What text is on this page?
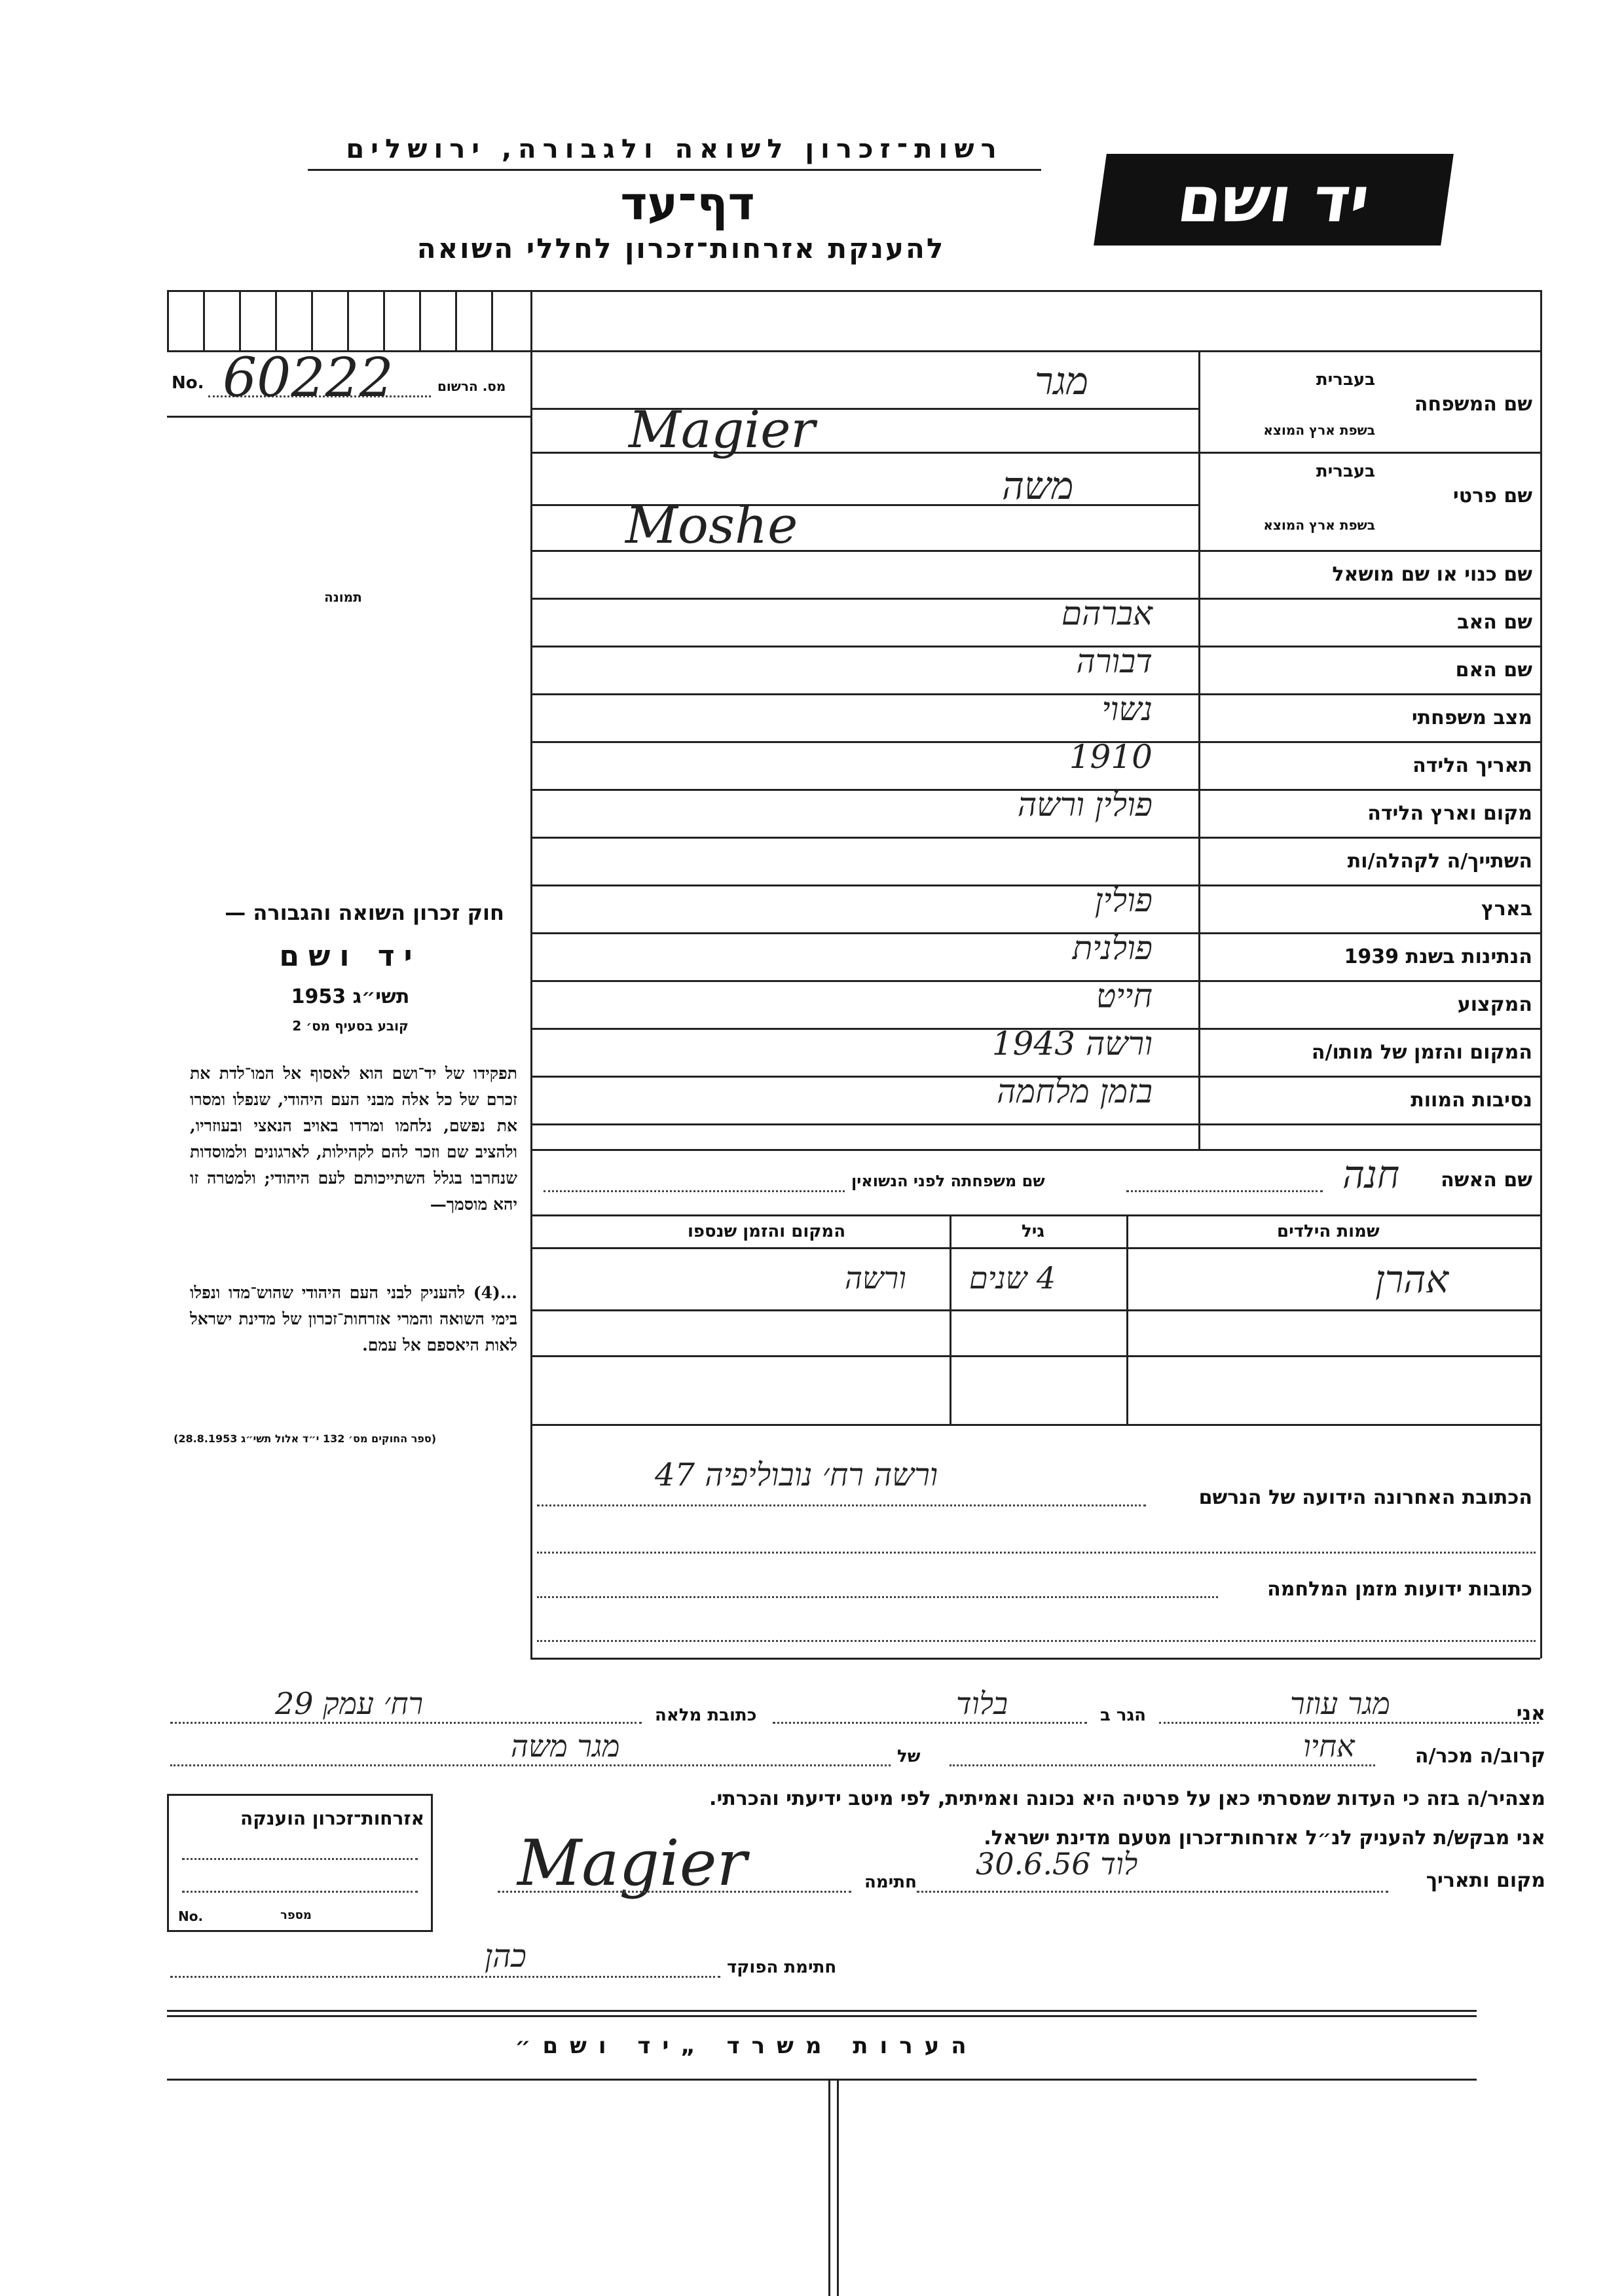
רשות־זכרון לשואה ולגבורה, ירושלים
דף־עד
להענקת אזרחות־זכרון לחללי השואה
יד ושם
No. 60222	מס. הרשום
תמונה
שם המשפחה
בעברית
בשפת ארץ המוצא
מגר
Magier
שם פרטי
בעברית
בשפת ארץ המוצא
משה
Moshe
שם כנוי או שם מושאל
שם האב
אברהם
שם האם
דבורה
מצב משפחתי
נשוי
תאריך הלידה
1910
מקום וארץ הלידה
פולין ורשה
השתייך/ה לקהלה/ות
בארץ
פולין
הנתינות בשנת 1939
פולנית
המקצוע
חייט
המקום והזמן של מותו/ה
ורשה 1943
נסיבות המוות
בזמן מלחמה
חוק זכרון השואה והגבורה —
יד ושם
תשי״ג 1953
קובע בסעיף מס׳ 2
תפקידו של יד־ושם הוא לאסוף אל המו־לדת את זכרם של כל אלה מבני העם היהודי, שנפלו ומסרו את נפשם, נלחמו ומרדו באויב הנאצי ובעוזריו, ולהציב שם וזכר להם לקהילות, לארגונים ולמוסדות שנחרבו בגלל השתייכותם לעם היהודי; ולמטרה זו יהא מוסמך—
...(4) להעניק לבני העם היהודי שהוש־מדו ונפלו בימי השואה והמרי אזרחות־זכרון של מדינת ישראל לאות היאספם אל עמם.
(ספר החוקים מס׳ 132 י״ד אלול תשי״ג 28.8.1953)
שם האשה
חנה
שם משפחתה לפני הנשואין
שמות הילדים
גיל
המקום והזמן שנספו
אהרן
4 שנים
ורשה
הכתובת האחרונה הידועה של הנרשם
ורשה רח׳ נובוליפיה 47
כתובות ידועות מזמן המלחמה
אני
מגר עוזר
הגר ב
בלוד
כתובת מלאה
רח׳ עמק 29
קרוב/ה מכר/ה
אחיו
של
מגר משה
מצהיר/ה בזה כי העדות שמסרתי כאן על פרטיה היא נכונה ואמיתית, לפי מיטב ידיעתי והכרתי.
אני מבקש/ת להעניק לנ״ל אזרחות־זכרון מטעם מדינת ישראל.
מקום ותאריך
לוד 30.6.56
חתימה
Magier
חתימת הפוקד
כהן
אזרחות־זכרון הוענקה
No.	מספר
הערות משרד „יד ושם״
